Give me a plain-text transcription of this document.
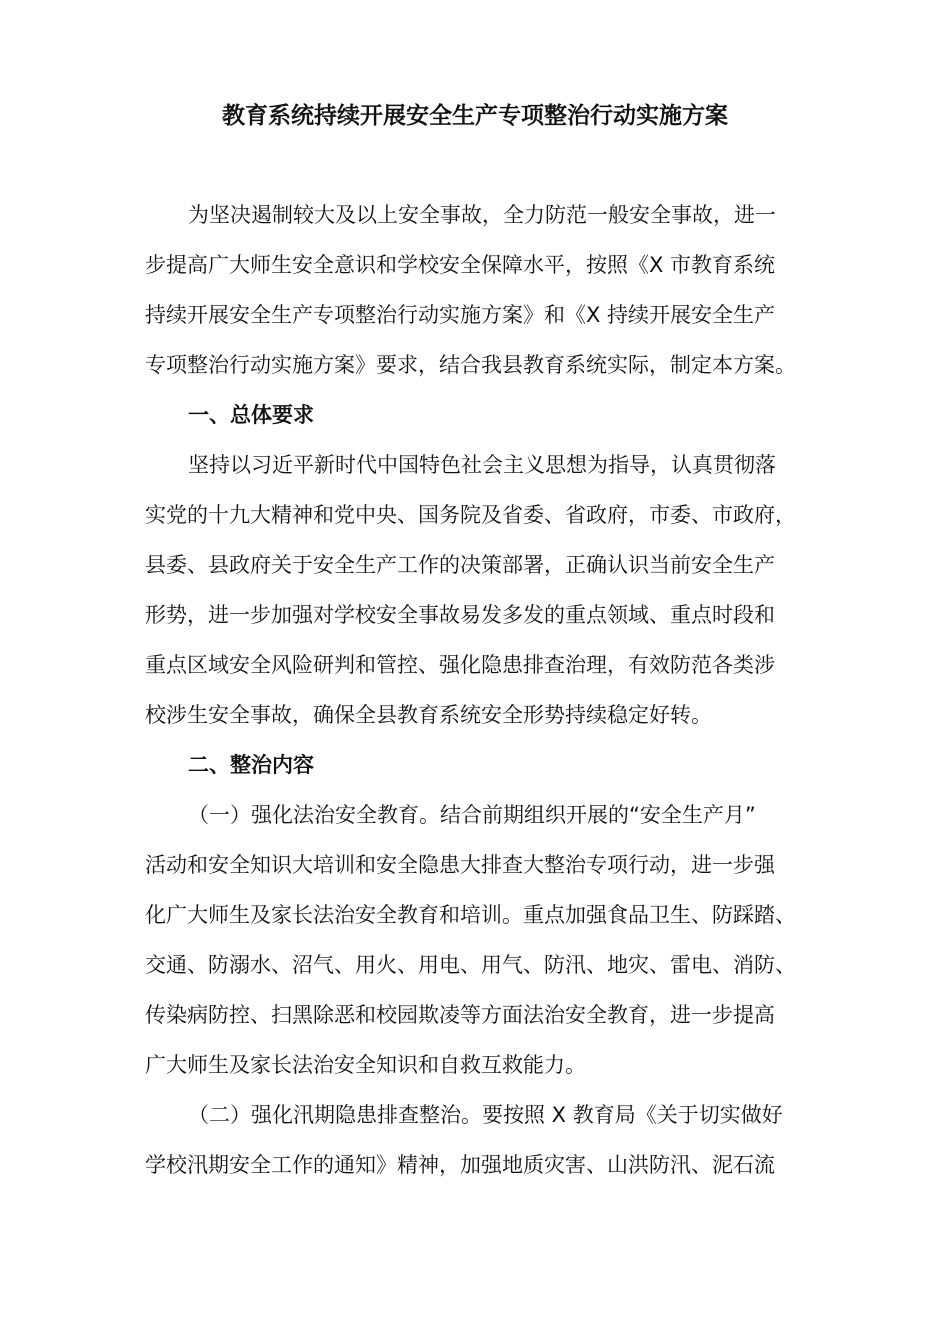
教育系统持续开展安全生产专项整治行动实施方案
为坚决遏制较大及以上安全事故，全力防范一般安全事故，进一
步提高广大师生安全意识和学校安全保障水平，按照《X 市教育系统
持续开展安全生产专项整治行动实施方案》和《X 持续开展安全生产
专项整治行动实施方案》要求，结合我县教育系统实际，制定本方案。
一、总体要求
坚持以习近平新时代中国特色社会主义思想为指导，认真贯彻落
实党的十九大精神和党中央、国务院及省委、省政府，市委、市政府，
县委、县政府关于安全生产工作的决策部署，正确认识当前安全生产
形势，进一步加强对学校安全事故易发多发的重点领域、重点时段和
重点区域安全风险研判和管控、强化隐患排查治理，有效防范各类涉
校涉生安全事故，确保全县教育系统安全形势持续稳定好转。
二、整治内容
（一）强化法治安全教育。结合前期组织开展的“安全生产月”
活动和安全知识大培训和安全隐患大排查大整治专项行动，进一步强
化广大师生及家长法治安全教育和培训。重点加强食品卫生、防踩踏、
交通、防溺水、沼气、用火、用电、用气、防汛、地灾、雷电、消防、
传染病防控、扫黑除恶和校园欺凌等方面法治安全教育，进一步提高
广大师生及家长法治安全知识和自救互救能力。
（二）强化汛期隐患排查整治。要按照 X 教育局《关于切实做好
学校汛期安全工作的通知》精神，加强地质灾害、山洪防汛、泥石流
